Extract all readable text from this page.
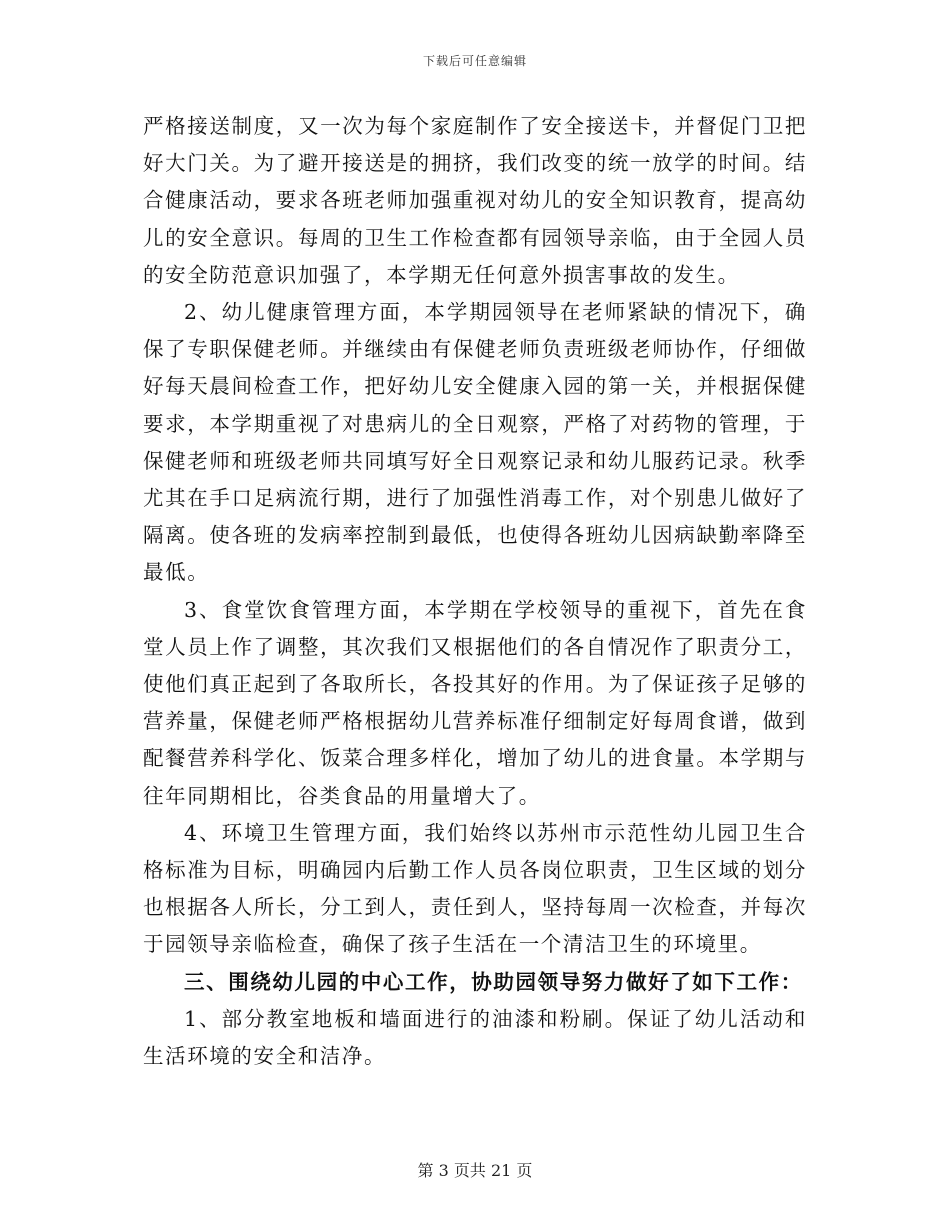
下载后可任意编辑

严格接送制度，又一次为每个家庭制作了安全接送卡，并督促门卫把好大门关。为了避开接送是的拥挤，我们改变的统一放学的时间。结合健康活动，要求各班老师加强重视对幼儿的安全知识教育，提高幼儿的安全意识。每周的卫生工作检查都有园领导亲临，由于全园人员的安全防范意识加强了，本学期无任何意外损害事故的发生。

2、幼儿健康管理方面，本学期园领导在老师紧缺的情况下，确保了专职保健老师。并继续由有保健老师负责班级老师协作，仔细做好每天晨间检查工作，把好幼儿安全健康入园的第一关，并根据保健要求，本学期重视了对患病儿的全日观察，严格了对药物的管理，于保健老师和班级老师共同填写好全日观察记录和幼儿服药记录。秋季尤其在手口足病流行期，进行了加强性消毒工作，对个别患儿做好了隔离。使各班的发病率控制到最低，也使得各班幼儿因病缺勤率降至最低。

3、食堂饮食管理方面，本学期在学校领导的重视下，首先在食堂人员上作了调整，其次我们又根据他们的各自情况作了职责分工，使他们真正起到了各取所长，各投其好的作用。为了保证孩子足够的营养量，保健老师严格根据幼儿营养标准仔细制定好每周食谱，做到配餐营养科学化、饭菜合理多样化，增加了幼儿的进食量。本学期与往年同期相比，谷类食品的用量增大了。

4、环境卫生管理方面，我们始终以苏州市示范性幼儿园卫生合格标准为目标，明确园内后勤工作人员各岗位职责，卫生区域的划分也根据各人所长，分工到人，责任到人，坚持每周一次检查，并每次于园领导亲临检查，确保了孩子生活在一个清洁卫生的环境里。

三、围绕幼儿园的中心工作，协助园领导努力做好了如下工作：

1、部分教室地板和墙面进行的油漆和粉刷。保证了幼儿活动和生活环境的安全和洁净。

第 3 页共 21 页
